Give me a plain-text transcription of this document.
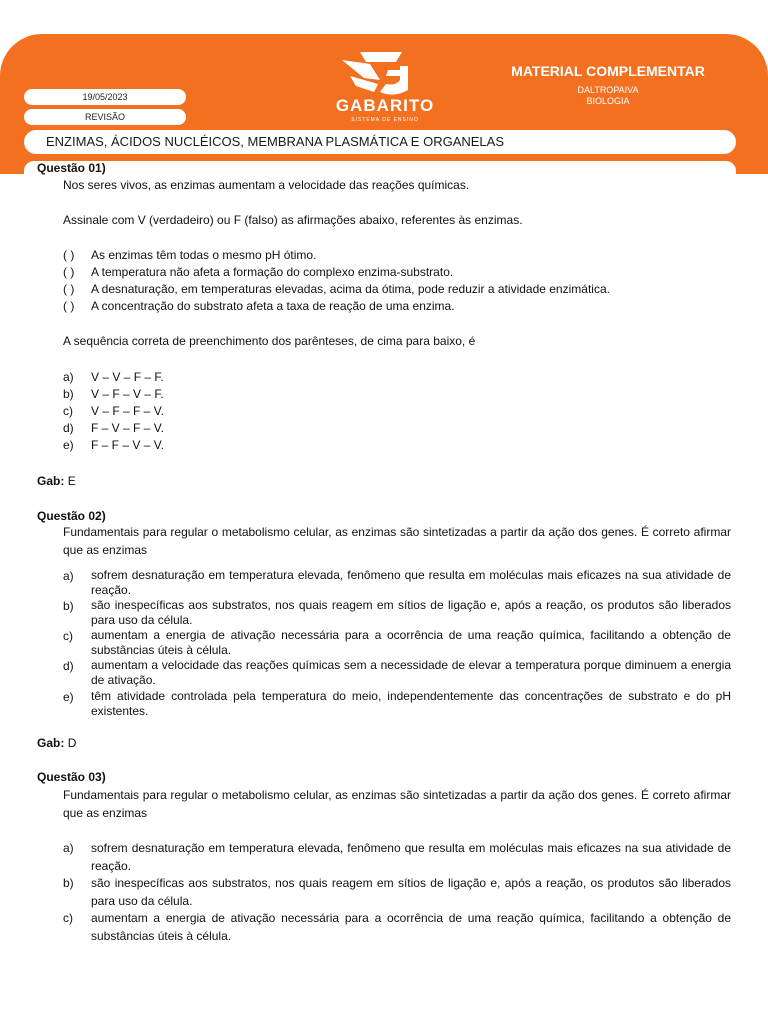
19/05/2023
REVISÃO
ENZIMAS, ÁCIDOS NUCLÉICOS, MEMBRANA PLASMÁTICA E ORGANELAS
GABARITO
SISTEMA DE ENSINO
MATERIAL COMPLEMENTAR
DALTROPAIVA
BIOLOGIA
Questão 01)
Nos seres vivos, as enzimas aumentam a velocidade das reações químicas.
Assinale com V (verdadeiro) ou F (falso) as afirmações abaixo, referentes às enzimas.
( ) As enzimas têm todas o mesmo pH ótimo.
( ) A temperatura não afeta a formação do complexo enzima-substrato.
( ) A desnaturação, em temperaturas elevadas, acima da ótima, pode reduzir a atividade enzimática.
( ) A concentração do substrato afeta a taxa de reação de uma enzima.
A sequência correta de preenchimento dos parênteses, de cima para baixo, é
a) V – V – F – F.
b) V – F – V – F.
c) V – F – F – V.
d) F – V – F – V.
e) F – F – V – V.
Gab: E
Questão 02)
Fundamentais para regular o metabolismo celular, as enzimas são sintetizadas a partir da ação dos genes. É correto afirmar que as enzimas
a) sofrem desnaturação em temperatura elevada, fenômeno que resulta em moléculas mais eficazes na sua atividade de reação.
b) são inespecíficas aos substratos, nos quais reagem em sítios de ligação e, após a reação, os produtos são liberados para uso da célula.
c) aumentam a energia de ativação necessária para a ocorrência de uma reação química, facilitando a obtenção de substâncias úteis à célula.
d) aumentam a velocidade das reações químicas sem a necessidade de elevar a temperatura porque diminuem a energia de ativação.
e) têm atividade controlada pela temperatura do meio, independentemente das concentrações de substrato e do pH existentes.
Gab: D
Questão 03)
Fundamentais para regular o metabolismo celular, as enzimas são sintetizadas a partir da ação dos genes. É correto afirmar que as enzimas
a) sofrem desnaturação em temperatura elevada, fenômeno que resulta em moléculas mais eficazes na sua atividade de reação.
b) são inespecíficas aos substratos, nos quais reagem em sítios de ligação e, após a reação, os produtos são liberados para uso da célula.
c) aumentam a energia de ativação necessária para a ocorrência de uma reação química, facilitando a obtenção de substâncias úteis à célula.
